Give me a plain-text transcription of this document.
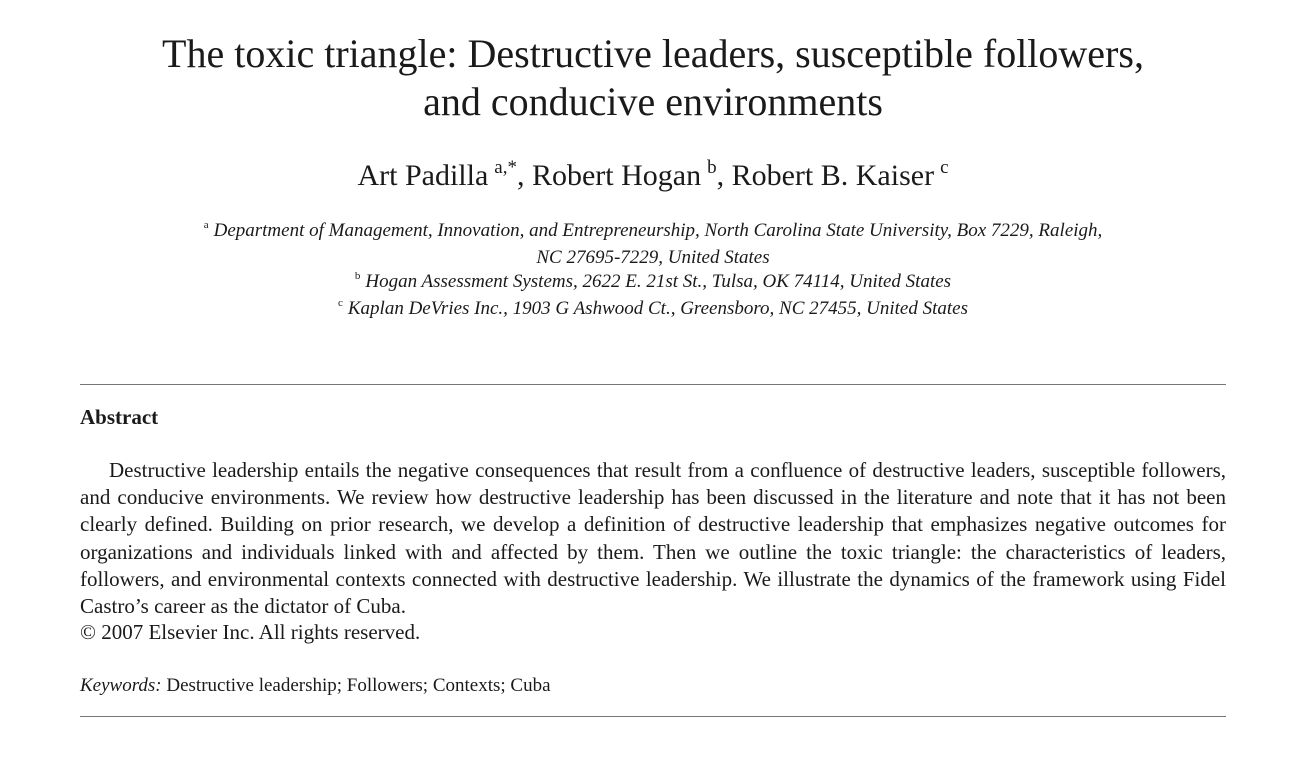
The toxic triangle: Destructive leaders, susceptible followers,
and conducive environments

Art Padilla $^{a,*}$, Robert Hogan $^b$, Robert B. Kaiser $^c$

$^a$ Department of Management, Innovation, and Entrepreneurship, North Carolina State University, Box 7229, Raleigh,
NC 27695-7229, United States
$^b$ Hogan Assessment Systems, 2622 E. 21st St., Tulsa, OK 74114, United States
$^c$ Kaplan DeVries Inc., 1903 G Ashwood Ct., Greensboro, NC 27455, United States
Abstract

Destructive leadership entails the negative consequences that result from a confluence of destructive leaders, susceptible followers, and conducive environments. We review how destructive leadership has been discussed in the literature and note that it has not been clearly defined. Building on prior research, we develop a definition of destructive leadership that emphasizes negative outcomes for organizations and individuals linked with and affected by them. Then we outline the toxic triangle: the characteristics of leaders, followers, and environmental contexts connected with destructive leadership. We illustrate the dynamics of the framework using Fidel Castro’s career as the dictator of Cuba.

© 2007 Elsevier Inc. All rights reserved.

Keywords: Destructive leadership; Followers; Contexts; Cuba
